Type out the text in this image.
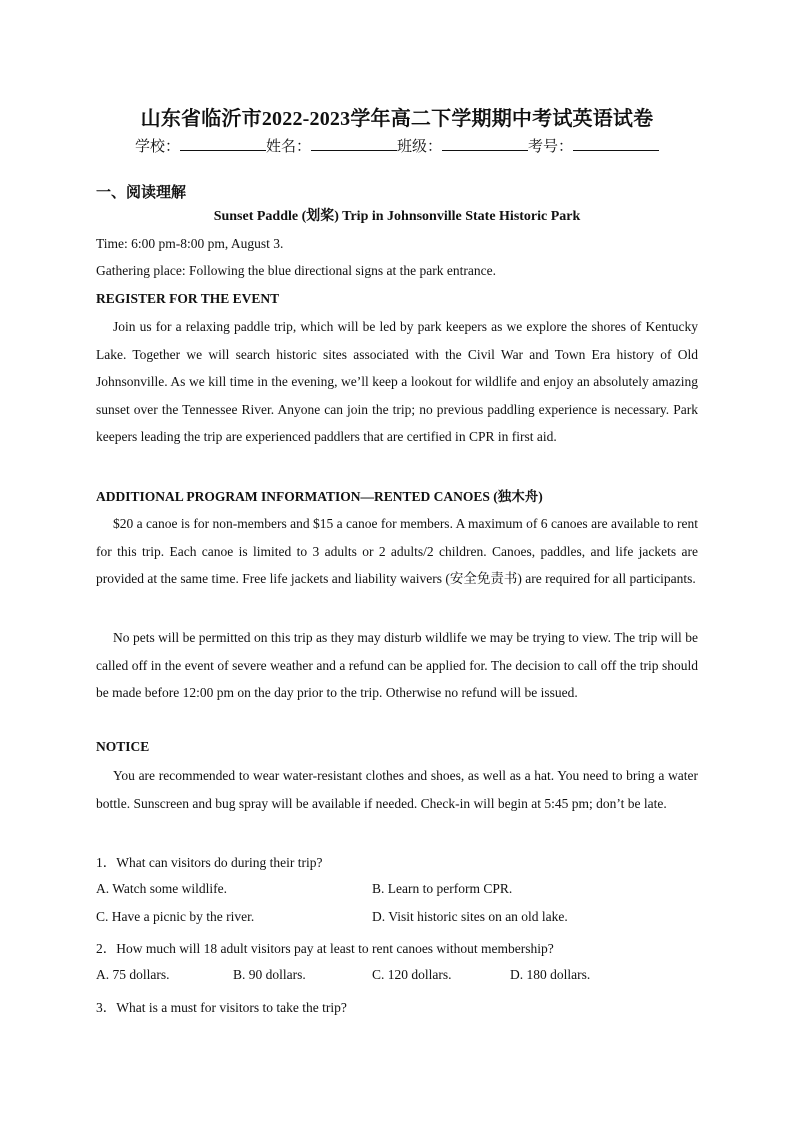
山东省临沂市2022-2023学年高二下学期期中考试英语试卷
学校：	姓名：	班级：	考号：
一、阅读理解
Sunset Paddle (划桨) Trip in Johnsonville State Historic Park
Time: 6:00 pm-8:00 pm, August 3.
Gathering place: Following the blue directional signs at the park entrance.
REGISTER FOR THE EVENT

Join us for a relaxing paddle trip, which will be led by park keepers as we explore the shores of Kentucky Lake. Together we will search historic sites associated with the Civil War and Town Era history of Old Johnsonville. As we kill time in the evening, we’ll keep a lookout for wildlife and enjoy an absolutely amazing sunset over the Tennessee River. Anyone can join the trip; no previous paddling experience is necessary. Park keepers leading the trip are experienced paddlers that are certified in CPR in first aid.

ADDITIONAL PROGRAM INFORMATION—RENTED CANOES (独木舟)

$20 a canoe is for non-members and $15 a canoe for members. A maximum of 6 canoes are available to rent for this trip. Each canoe is limited to 3 adults or 2 adults/2 children. Canoes, paddles, and life jackets are provided at the same time. Free life jackets and liability waivers (安全免责书) are required for all participants.

No pets will be permitted on this trip as they may disturb wildlife we may be trying to view. The trip will be called off in the event of severe weather and a refund can be applied for. The decision to call off the trip should be made before 12:00 pm on the day prior to the trip. Otherwise no refund will be issued.

NOTICE

You are recommended to wear water-resistant clothes and shoes, as well as a hat. You need to bring a water bottle. Sunscreen and bug spray will be available if needed. Check-in will begin at 5:45 pm; don’t be late.

1．What can visitors do during their trip?
A. Watch some wildlife.	B. Learn to perform CPR.
C. Have a picnic by the river.	D. Visit historic sites on an old lake.
2．How much will 18 adult visitors pay at least to rent canoes without membership?
A. 75 dollars.	B. 90 dollars.	C. 120 dollars.	D. 180 dollars.
3．What is a must for visitors to take the trip?
